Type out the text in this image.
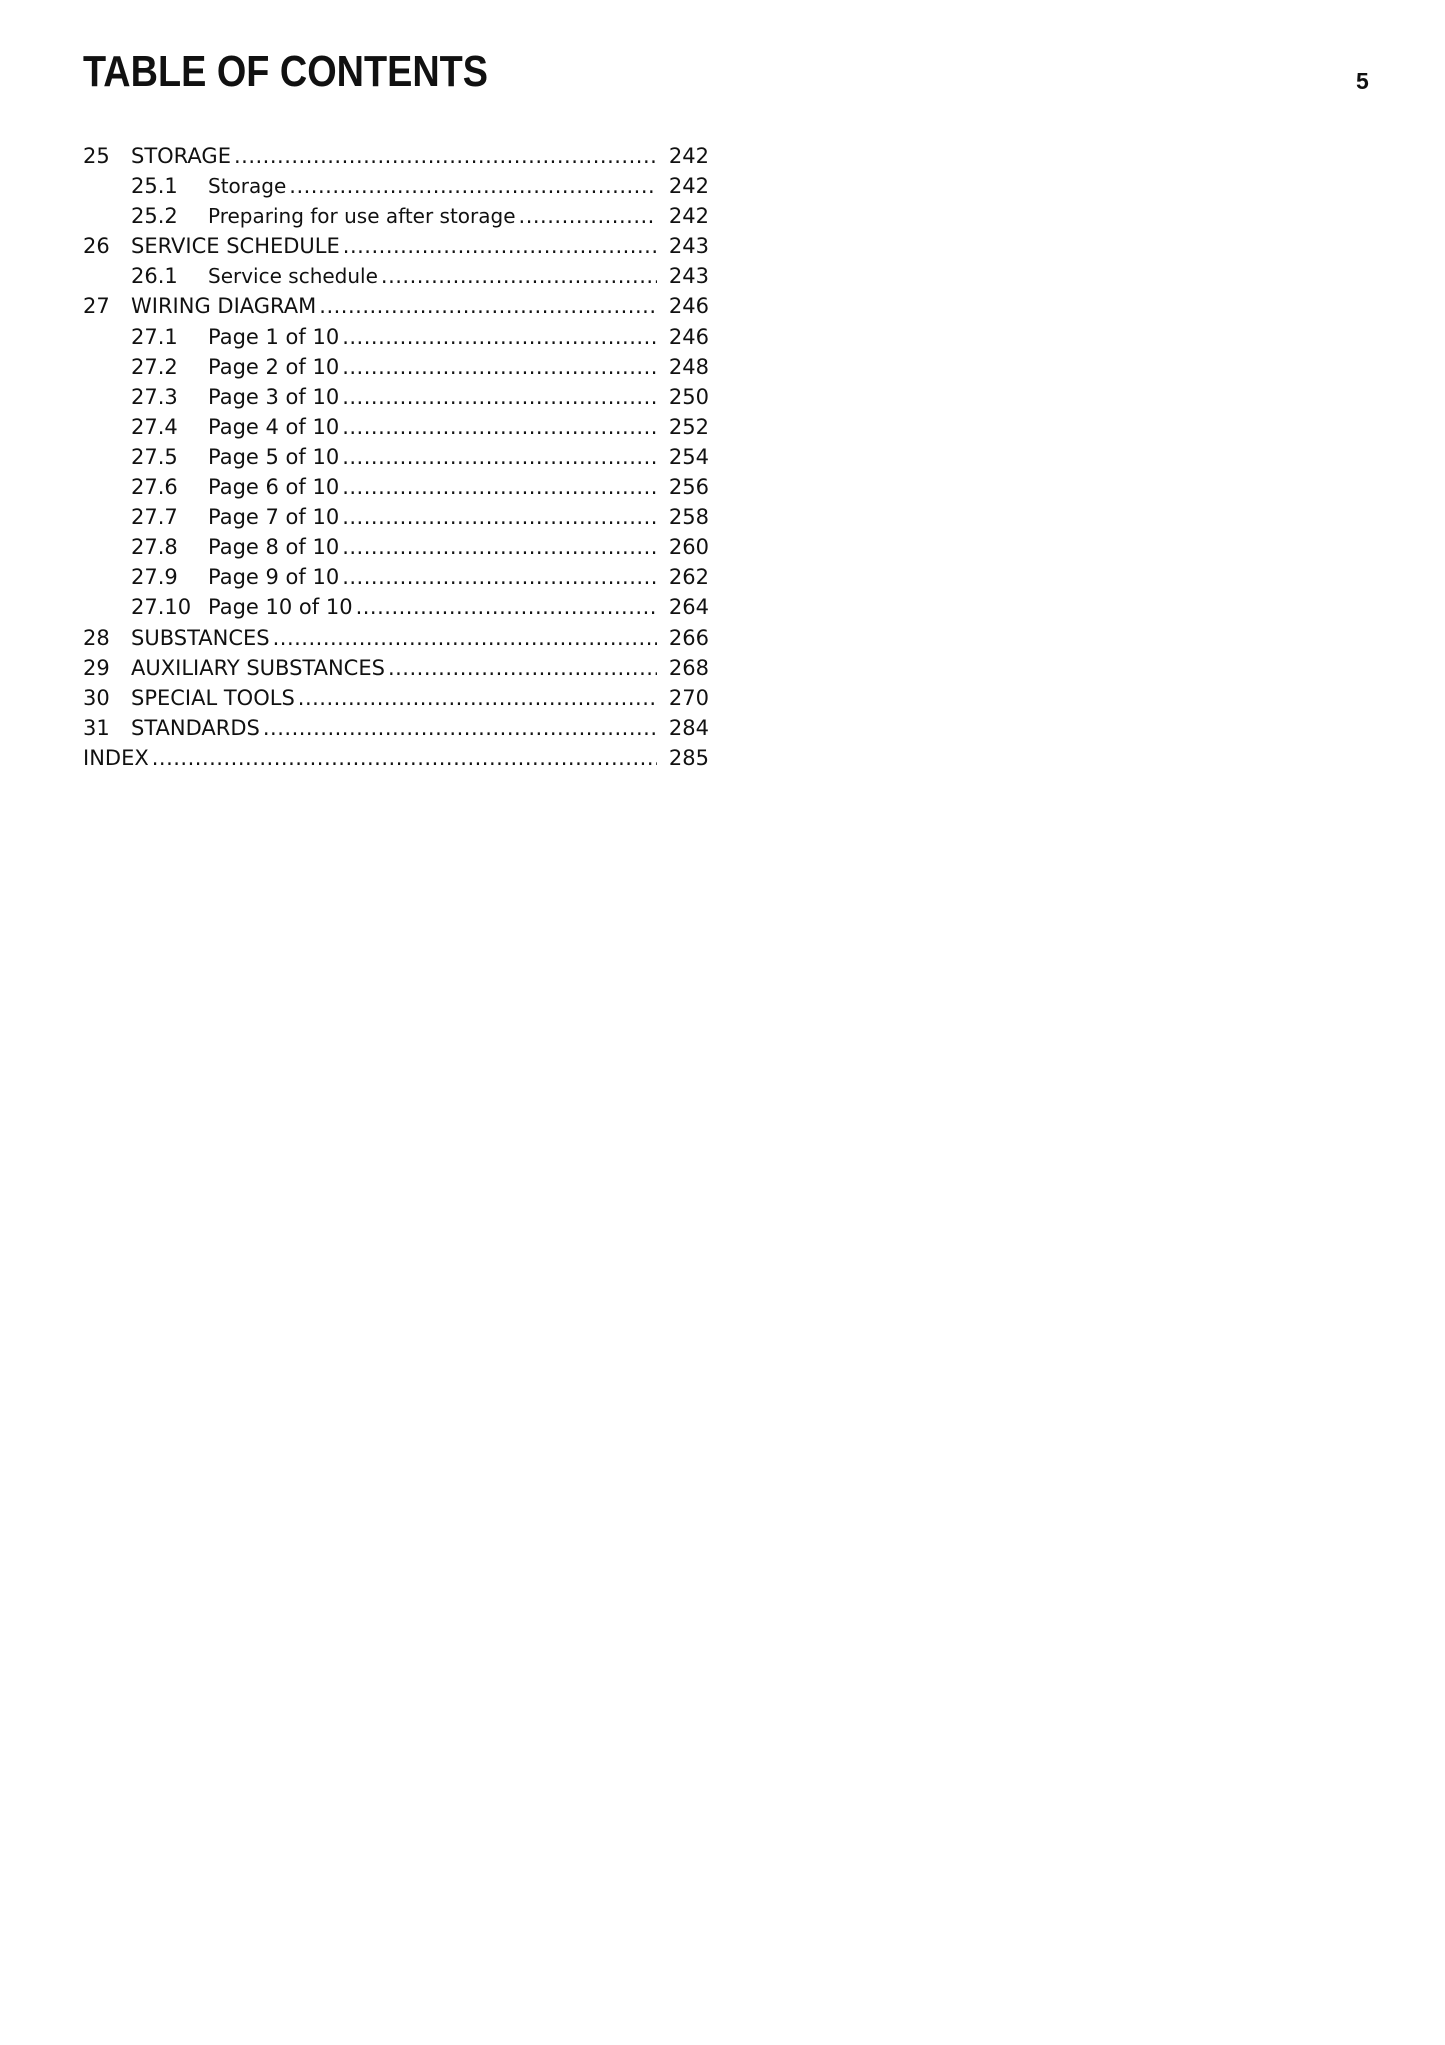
TABLE OF CONTENTS	5
25 STORAGE .....	242
25.1 Storage .....	242
25.2 Preparing for use after storage .....	242
26 SERVICE SCHEDULE .....	243
26.1 Service schedule .....	243
27 WIRING DIAGRAM .....	246
27.1 Page 1 of 10 .....	246
27.2 Page 2 of 10 .....	248
27.3 Page 3 of 10 .....	250
27.4 Page 4 of 10 .....	252
27.5 Page 5 of 10 .....	254
27.6 Page 6 of 10 .....	256
27.7 Page 7 of 10 .....	258
27.8 Page 8 of 10 .....	260
27.9 Page 9 of 10 .....	262
27.10 Page 10 of 10 .....	264
28 SUBSTANCES .....	266
29 AUXILIARY SUBSTANCES .....	268
30 SPECIAL TOOLS .....	270
31 STANDARDS .....	284
INDEX .....	285
